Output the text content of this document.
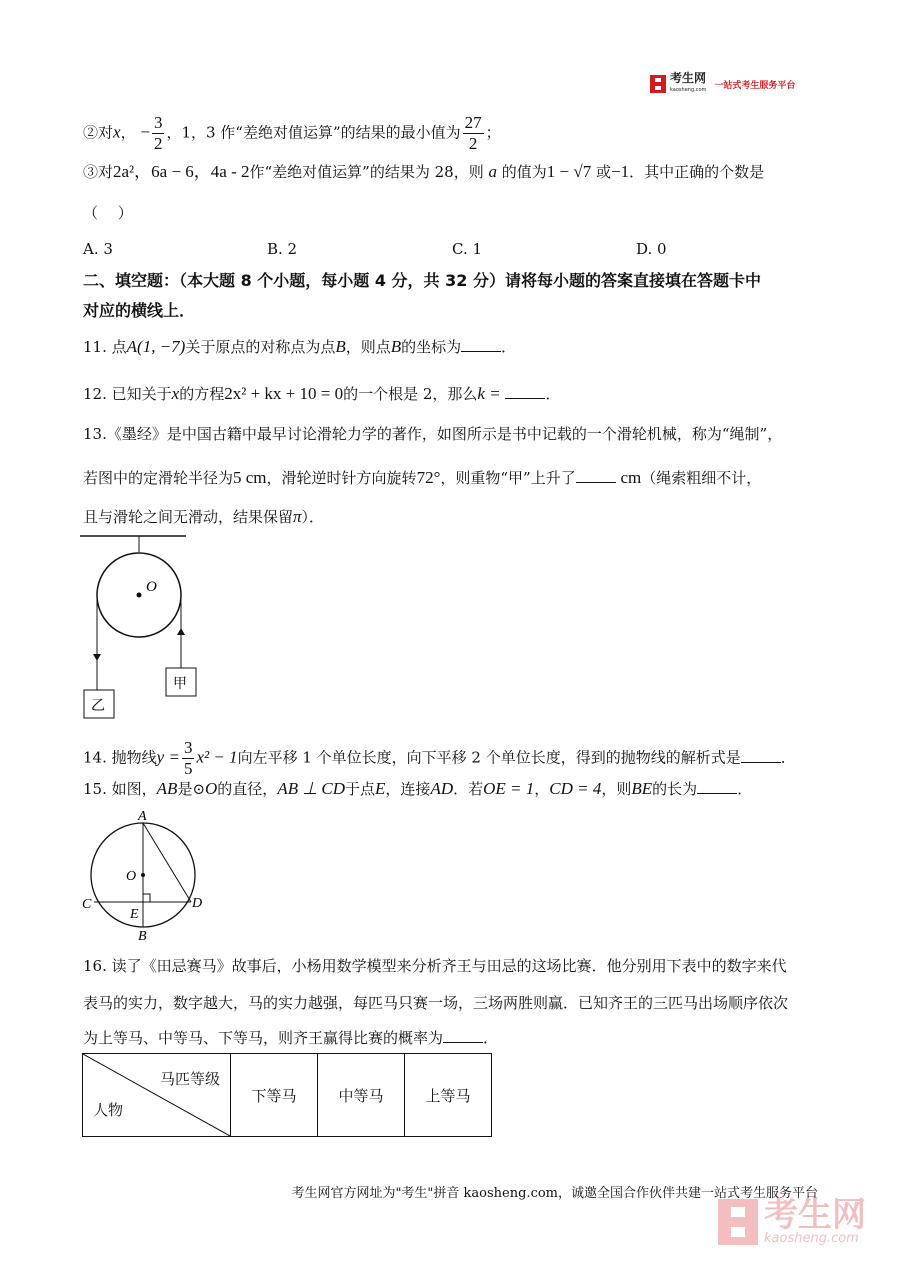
考生网
kaosheng.com 一站式考生服务平台
②对x， − $\frac{3}{2}$ ，1，3 作“差绝对值运算”的结果的最小值为 $\frac{27}{2}$ ；
③对2a²，6a − 6，4a - 2作“差绝对值运算”的结果为 28，则 a 的值为1 − √7 或−1．其中正确的个数是
（　 ）
A. 3	B. 2	C. 1	D. 0
二、填空题：（本大题 8 个小题，每小题 4 分，共 32 分）请将每小题的答案直接填在答题卡中
对应的横线上．
11. 点A(1, −7)关于原点的对称点为点B，则点B的坐标为	．
12. 已知关于x的方程2x² + kx + 10 = 0的一个根是 2，那么k =	．
13.《墨经》是中国古籍中最早讨论滑轮力学的著作，如图所示是书中记载的一个滑轮机械，称为“绳制”，
若图中的定滑轮半径为5 cm，滑轮逆时针方向旋转72°，则重物“甲”上升了	cm（绳索粗细不计，
且与滑轮之间无滑动，结果保留π）．
O
甲
乙
14. 抛物线$y = \frac{3}{5} x^2 - 1$向左平移 1 个单位长度，向下平移 2 个单位长度，得到的抛物线的解析式是	．
15. 如图，AB是⊙O的直径，AB ⊥ CD于点E，连接AD．若OE = 1，CD = 4，则BE的长为	．
A
B
C	D
E
O
16. 读了《田忌赛马》故事后，小杨用数学模型来分析齐王与田忌的这场比赛．他分别用下表中的数字来代
表马的实力，数字越大，马的实力越强，每匹马只赛一场，三场两胜则赢．已知齐王的三匹马出场顺序依次
为上等马、中等马、下等马，则齐王赢得比赛的概率为	．
马匹等级
人物
	下等马	中等马	上等马
考生网官方网址为"考生"拼音 kaosheng.com，诚邀全国合作伙伴共建一站式考生服务平台
考生网
kaosheng.com
